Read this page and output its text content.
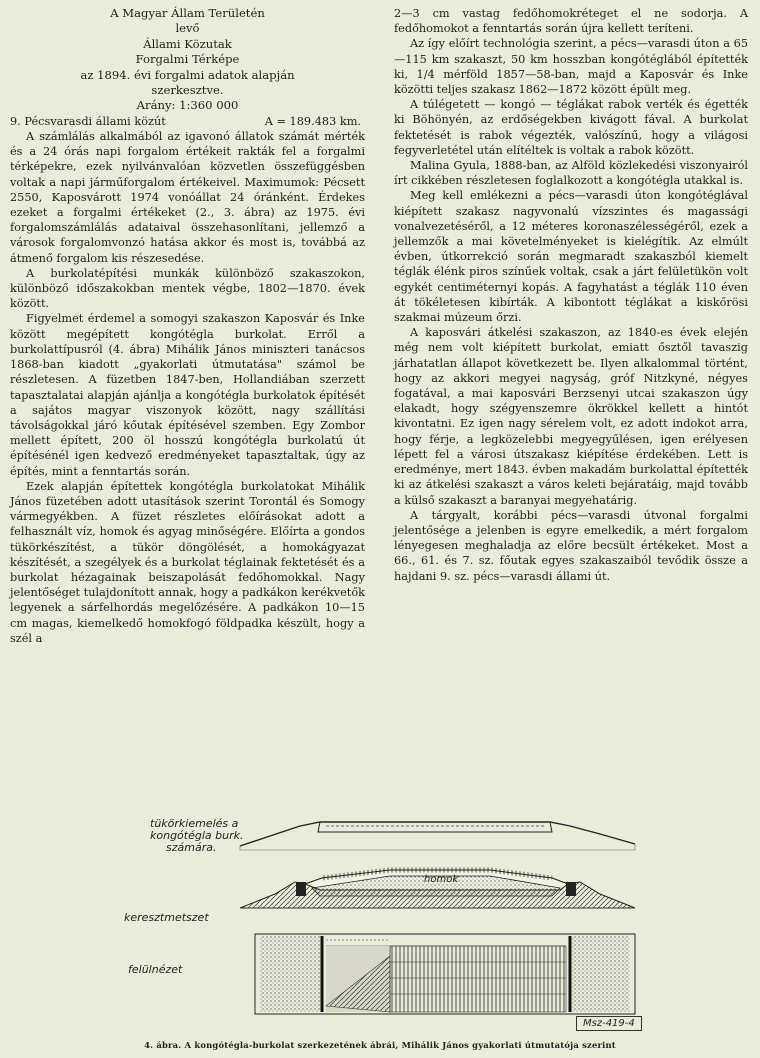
A Magyar Állam Területén
levő
Állami Közutak
Forgalmi Térképe
az 1894. évi forgalmi adatok alapján
szerkesztve.
Arány: 1:360 000
9. Pécsvarasdi állami közút	A = 189.483 km.

A számlálás alkalmából az igavonó állatok számát mérték és a 24 órás napi forgalom értékeit rakták fel a forgalmi térképekre, ezek nyilvánvalóan közvetlen összefüggésben voltak a napi járműforgalom értékeivel. Maximumok: Pécsett 2550, Kaposvárott 1974 vonóállat 24 óránként. Érdekes ezeket a forgalmi értékeket (2., 3. ábra) az 1975. évi forgalomszámlálás adataival összehasonlítani, jellemző a városok forgalomvonzó hatása akkor és most is, továbbá az átmenő forgalom kis részesedése.

A burkolatépítési munkák különböző szakaszokon, különböző időszakokban mentek végbe, 1802—1870. évek között.

Figyelmet érdemel a somogyi szakaszon Kaposvár és Inke között megépített kongótégla burkolat. Erről a burkolattípusról (4. ábra) Mihálik János miniszteri tanácsos 1868-ban kiadott „gyakorlati útmutatása" számol be részletesen. A füzetben 1847-ben, Hollandiában szerzett tapasztalatai alapján ajánlja a kongótégla burkolatok építését a sajátos magyar viszonyok között, nagy szállítási távolságokkal járó kőutak építésével szemben. Egy Zombor mellett épített, 200 öl hosszú kongótégla burkolatú út építésénél igen kedvező eredményeket tapasztaltak, úgy az építés, mint a fenntartás során.

Ezek alapján építettek kongótégla burkolatokat Mihálik János füzetében adott utasítások szerint Torontál és Somogy vármegyékben. A füzet részletes előírásokat adott a felhasznált víz, homok és agyag minőségére. Előírta a gondos tükörkészítést, a tükör döngölését, a homokágyazat készítését, a szegélyek és a burkolat téglainak fektetését és a burkolat hézagainak beiszapolását fedőhomokkal. Nagy jelentőséget tulajdonított annak, hogy a padkákon kerékvetők legyenek a sárfelhordás megelőzésére. A padkákon 10—15 cm magas, kiemelkedő homokfogó földpadka készült, hogy a szél a

2—3 cm vastag fedőhomokréteget el ne sodorja. A fedőhomokot a fenntartás során újra kellett teríteni.

Az így előírt technológia szerint, a pécs—varasdi úton a 65—115 km szakaszt, 50 km hosszban kongótéglából építették ki, 1/4 mérföld 1857—58-ban, majd a Kaposvár és Inke közötti teljes szakasz 1862—1872 között épült meg.

A túlégetett — kongó — téglákat rabok verték és égették ki Böhönyén, az erdőségekben kivágott fával. A burkolat fektetését is rabok végezték, valószínű, hogy a világosi fegyverletétel után elítéltek is voltak a rabok között.

Malina Gyula, 1888-ban, az Alföld közlekedési viszonyairól írt cikkében részletesen foglalkozott a kongótégla utakkal is.

Meg kell emlékezni a pécs—varasdi úton kongótéglával kiépített szakasz nagyvonalú vízszintes és magassági vonalvezetéséről, a 12 méteres koronaszélességéről, ezek a jellemzők a mai követelményeket is kielégítik. Az elmúlt évben, útkorrekció során megmaradt szakaszból kiemelt téglák élénk piros színűek voltak, csak a járt felületükön volt egykét centiméternyi kopás. A fagyhatást a téglák 110 éven át tökéletesen kibírták. A kibontott téglákat a kiskőrösi szakmai múzeum őrzi.

A kaposvári átkelési szakaszon, az 1840-es évek elején még nem volt kiépített burkolat, emiatt ősztől tavaszig járhatatlan állapot következett be. Ilyen alkalommal történt, hogy az akkori megyei nagyság, gróf Nitzkyné, négyes fogatával, a mai kaposvári Berzsenyi utcai szakaszon úgy elakadt, hogy szégyenszemre ökrökkel kellett a hintót kivontatni. Ez igen nagy sérelem volt, ez adott indokot arra, hogy férje, a legközelebbi megyegyűlésen, igen erélyesen lépett fel a városi útszakasz kiépítése érdekében. Lett is eredménye, mert 1843. évben makadám burkolattal építették ki az átkelési szakaszt a város keleti bejáratáig, majd tovább a külső szakaszt a baranyai megyehatárig.

A tárgyalt, korábbi pécs—varasdi útvonal forgalmi jelentősége a jelenben is egyre emelkedik, a mért forgalom lényegesen meghaladja az előre becsült értékeket. Most a 66., 61. és 7. sz. főutak egyes szakaszaiból tevődik össze a hajdani 9. sz. pécs—varasdi állami út.

tükörkiemelés a
kongótégla burk.
számára.
keresztmetszet
felülnézet
homok
Msz-419-4
4. ábra. A kongótégla-burkolat szerkezetének ábrái, Mihálik János gyakorlati útmutatója szerint
